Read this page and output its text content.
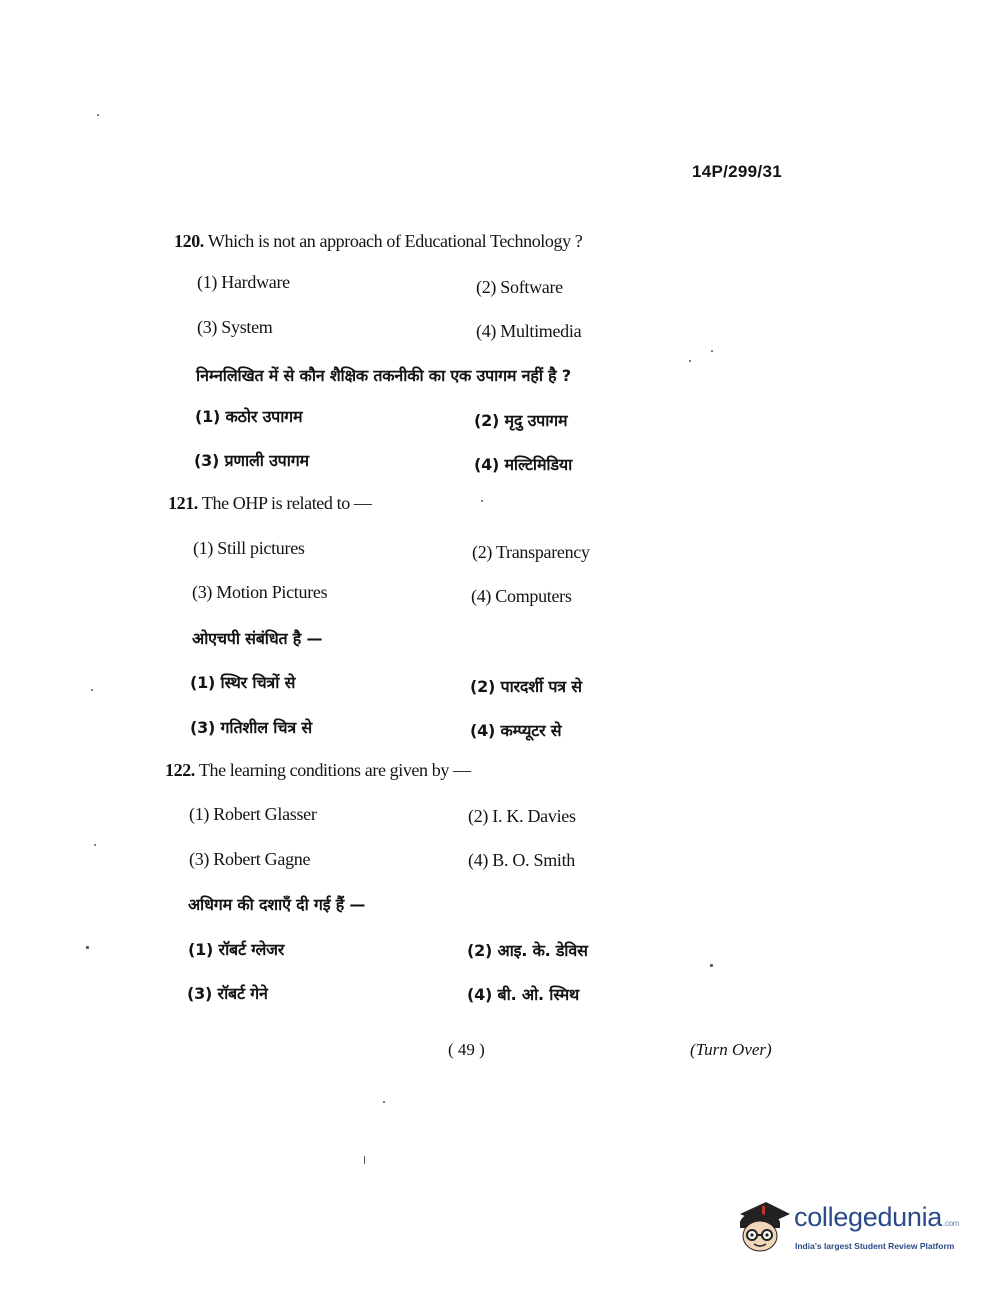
14P/299/31
120. Which is not an approach of Educational Technology ?
(1) Hardware	(2) Software
(3) System	(4) Multimedia
निम्नलिखित में से कौन शैक्षिक तकनीकी का एक उपागम नहीं है ?
(1) कठोर उपागम	(2) मृदु उपागम
(3) प्रणाली उपागम	(4) मल्टिमिडिया
121. The OHP is related to —
(1) Still pictures	(2) Transparency
(3) Motion Pictures	(4) Computers
ओएचपी संबंधित है —
(1) स्थिर चित्रों से	(2) पारदर्शी पत्र से
(3) गतिशील चित्र से	(4) कम्प्यूटर से
122. The learning conditions are given by —
(1) Robert Glasser	(2) I. K. Davies
(3) Robert Gagne	(4) B. O. Smith
अधिगम की दशाएँ दी गई हैं —
(1) रॉबर्ट ग्लेजर	(2) आइ. के. डेविस
(3) रॉबर्ट गेने	(4) बी. ओ. स्मिथ
( 49 )	(Turn Over)
collegedunia.com
India's largest Student Review Platform
